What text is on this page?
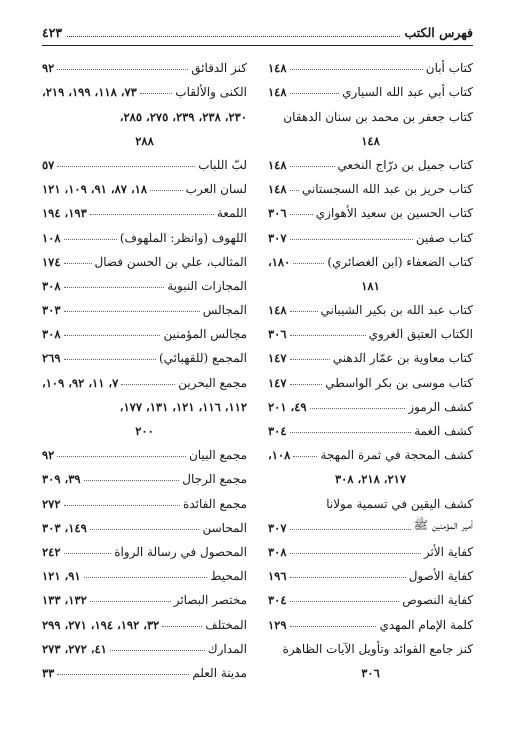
فهرس الكتب
٤٢٣
كتاب أبان
١٤٨
كتاب أبي عبد الله السياري
١٤٨
كتاب جعفر بن محمد بن سنان الدهقان
١٤٨
كتاب جميل بن درّاج النخعي
١٤٨
كتاب حريز بن عبد الله السجستاني
١٤٨
كتاب الحسين بن سعيد الأهوازي
٣٠٦
كتاب صفين
٣٠٧
كتاب الضعفاء (ابن الغضائري)
١٨٠،
١٨١
كتاب عبد الله بن بكير الشيباني
١٤٨
الكتاب العتيق الغروي
٣٠٦
كتاب معاوية بن عمّار الدهني
١٤٧
كتاب موسى بن بكر الواسطي
١٤٧
كشف الرموز
٤٩، ٢٠١
كشف الغمة
٣٠٤
كشف المحجة في ثمرة المهجة
١٠٨،
٢١٧، ٢١٨، ٣٠٨
كشف اليقين في تسمية مولانا
أمير المؤمنين ﷺ
٣٠٧
كفاية الأثر
٣٠٨
كفاية الأصول
١٩٦
كفاية النصوص
٣٠٤
كلمة الإمام المهدي
١٢٩
كنز جامع الفوائد وتأويل الآيات الظاهرة
٣٠٦
كنز الدقائق
٩٢
الكنى والألقاب
٧٣، ١١٨، ١٩٩، ٢١٩،
٢٣٠، ٢٣٨، ٢٣٩، ٢٧٥، ٢٨٥،
٢٨٨
لبّ اللباب
٥٧
لسان العرب
١٨، ٨٧، ٩١، ١٠٩، ١٢١
اللمعة
١٩٣، ١٩٤
اللهوف (وانظر: الملهوف)
١٠٨
المثالب، علي بن الحسن فضال
١٧٤
المجازات النبوية
٣٠٨
المجالس
٣٠٣
مجالس المؤمنين
٣٠٨
المجمع (للقهبائي)
٢٦٩
مجمع البحرين
٧، ١١، ٩٢، ١٠٩،
١١٢، ١١٦، ١٢١، ١٣١، ١٧٧،
٢٠٠
مجمع البيان
٩٢
مجمع الرجال
٣٩، ٣٠٩
مجمع الفائدة
٢٧٢
المحاسن
١٤٩، ٣٠٣
المحصول في رسالة الرواة
٢٤٢
المحيط
٩١، ١٢١
مختصر البصائر
١٣٢، ١٣٣
المختلف
٣٢، ١٩٢، ١٩٤، ٢٧١، ٢٩٩
المدارك
٤١، ٢٧٢، ٢٧٣
مدينة العلم
٣٣
